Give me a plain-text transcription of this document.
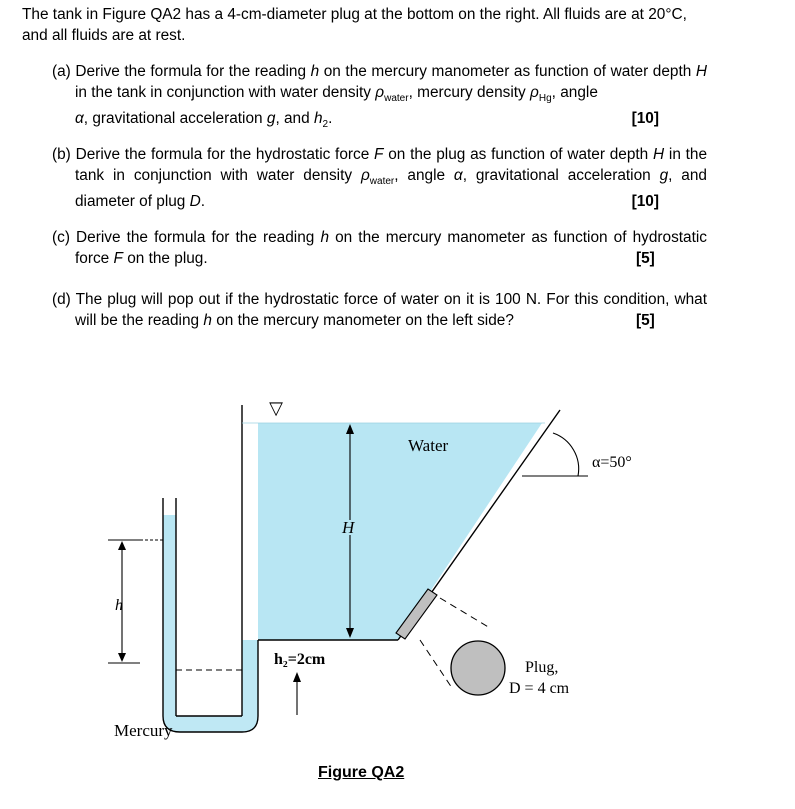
The tank in Figure QA2 has a 4-cm-diameter plug at the bottom on the right. All fluids are at 20°C, and all fluids are at rest.
(a) Derive the formula for the reading h on the mercury manometer as function of water depth H in the tank in conjunction with water density $\rho_{water}$, mercury density $\rho_{Hg}$, angle
α, gravitational acceleration g, and $h_2$.	[10]
(b) Derive the formula for the hydrostatic force F on the plug as function of water depth H in the tank in conjunction with water density $\rho_{water}$, angle α, gravitational acceleration g, and diameter of plug D.	[10]
(c) Derive the formula for the reading h on the mercury manometer as function of hydrostatic force F on the plug.	[5]
(d) The plug will pop out if the hydrostatic force of water on it is 100 N. For this condition, what will be the reading h on the mercury manometer on the left side?	[5]
▽
Water
H
h
h₂=2cm
α=50°
Plug,
D = 4 cm
Mercury
Figure QA2
